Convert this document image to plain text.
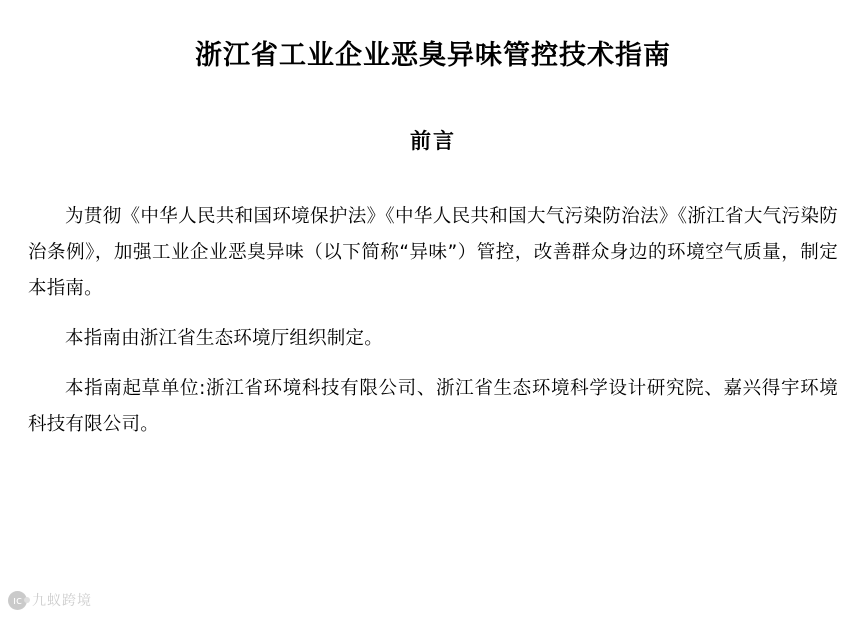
浙江省工业企业恶臭异味管控技术指南
前言

为贯彻《中华人民共和国环境保护法》《中华人民共和国大气污染防治法》《浙江省大气污染防治条例》，加强工业企业恶臭异味（以下简称“异味”）管控，改善群众身边的环境空气质量，制定本指南。

本指南由浙江省生态环境厅组织制定。

本指南起草单位:浙江省环境科技有限公司、浙江省生态环境科学设计研究院、嘉兴得宇环境科技有限公司。

ıc 九蚁跨境
